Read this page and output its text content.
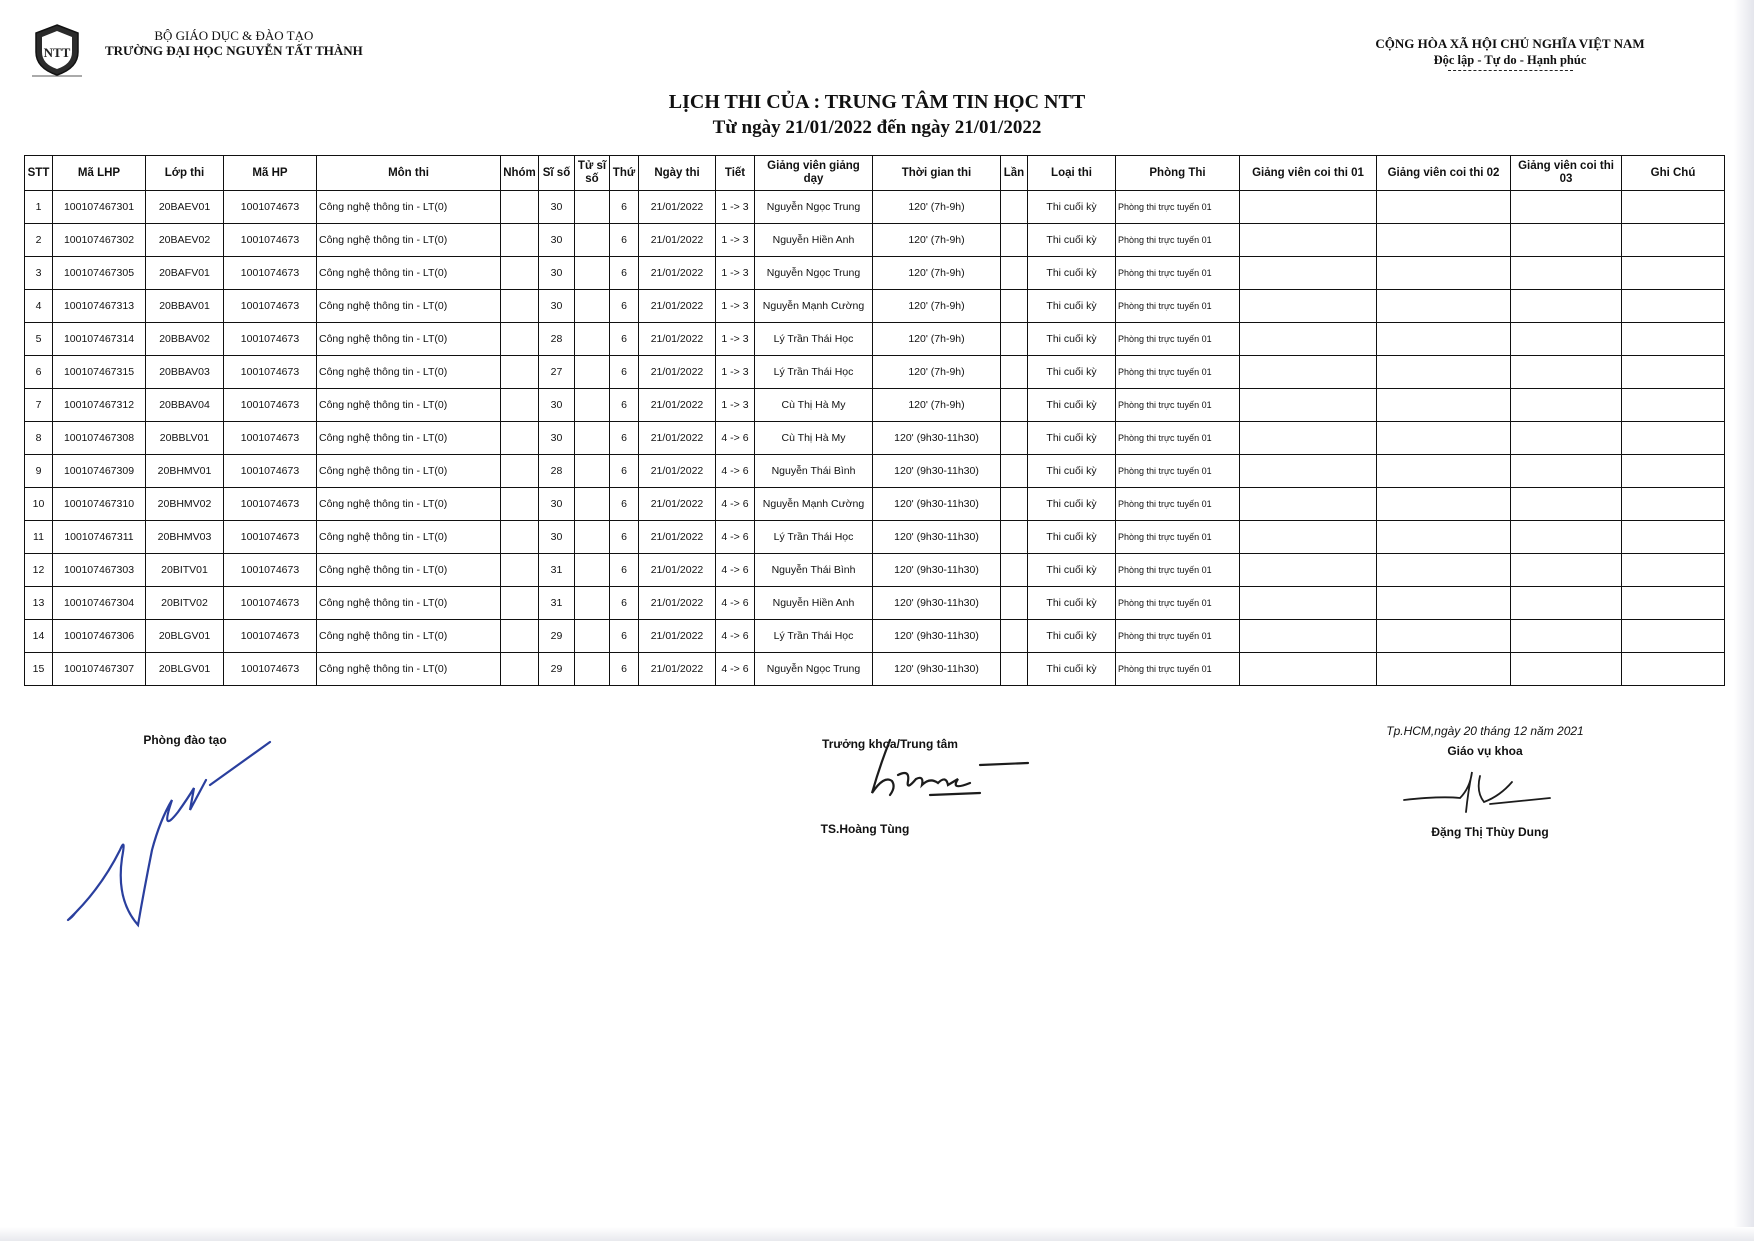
NTT
BỘ GIÁO DỤC & ĐÀO TẠO
TRƯỜNG ĐẠI HỌC NGUYỄN TẤT THÀNH	CỘNG HÒA XÃ HỘI CHỦ NGHĨA VIỆT NAM
Độc lập - Tự do - Hạnh phúc
LỊCH THI CỦA : TRUNG TÂM TIN HỌC NTT
Từ ngày 21/01/2022 đến ngày 21/01/2022
STT	Mã LHP	Lớp thi	Mã HP	Môn thi	Nhóm	Sĩ số	Tử sĩ số	Thứ	Ngày thi	Tiết	Giảng viên giảng dạy	Thời gian thi	Lần	Loại thi	Phòng Thi	Giảng viên coi thi 01	Giảng viên coi thi 02	Giảng viên coi thi 03	Ghi Chú
1	100107467301	20BAEV01	1001074673	Công nghệ thông tin - LT(0)		30		6	21/01/2022	1 -> 3	Nguyễn Ngọc Trung	120' (7h-9h)		Thi cuối kỳ	Phòng thi trực tuyến 01				
2	100107467302	20BAEV02	1001074673	Công nghệ thông tin - LT(0)		30		6	21/01/2022	1 -> 3	Nguyễn Hiền Anh	120' (7h-9h)		Thi cuối kỳ	Phòng thi trực tuyến 01				
3	100107467305	20BAFV01	1001074673	Công nghệ thông tin - LT(0)		30		6	21/01/2022	1 -> 3	Nguyễn Ngọc Trung	120' (7h-9h)		Thi cuối kỳ	Phòng thi trực tuyến 01				
4	100107467313	20BBAV01	1001074673	Công nghệ thông tin - LT(0)		30		6	21/01/2022	1 -> 3	Nguyễn Mạnh Cường	120' (7h-9h)		Thi cuối kỳ	Phòng thi trực tuyến 01				
5	100107467314	20BBAV02	1001074673	Công nghệ thông tin - LT(0)		28		6	21/01/2022	1 -> 3	Lý Trần Thái Học	120' (7h-9h)		Thi cuối kỳ	Phòng thi trực tuyến 01				
6	100107467315	20BBAV03	1001074673	Công nghệ thông tin - LT(0)		27		6	21/01/2022	1 -> 3	Lý Trần Thái Học	120' (7h-9h)		Thi cuối kỳ	Phòng thi trực tuyến 01				
7	100107467312	20BBAV04	1001074673	Công nghệ thông tin - LT(0)		30		6	21/01/2022	1 -> 3	Cù Thị Hà My	120' (7h-9h)		Thi cuối kỳ	Phòng thi trực tuyến 01				
8	100107467308	20BBLV01	1001074673	Công nghệ thông tin - LT(0)		30		6	21/01/2022	4 -> 6	Cù Thị Hà My	120' (9h30-11h30)		Thi cuối kỳ	Phòng thi trực tuyến 01				
9	100107467309	20BHMV01	1001074673	Công nghệ thông tin - LT(0)		28		6	21/01/2022	4 -> 6	Nguyễn Thái Bình	120' (9h30-11h30)		Thi cuối kỳ	Phòng thi trực tuyến 01				
10	100107467310	20BHMV02	1001074673	Công nghệ thông tin - LT(0)		30		6	21/01/2022	4 -> 6	Nguyễn Mạnh Cường	120' (9h30-11h30)		Thi cuối kỳ	Phòng thi trực tuyến 01				
11	100107467311	20BHMV03	1001074673	Công nghệ thông tin - LT(0)		30		6	21/01/2022	4 -> 6	Lý Trần Thái Học	120' (9h30-11h30)		Thi cuối kỳ	Phòng thi trực tuyến 01				
12	100107467303	20BITV01	1001074673	Công nghệ thông tin - LT(0)		31		6	21/01/2022	4 -> 6	Nguyễn Thái Bình	120' (9h30-11h30)		Thi cuối kỳ	Phòng thi trực tuyến 01				
13	100107467304	20BITV02	1001074673	Công nghệ thông tin - LT(0)		31		6	21/01/2022	4 -> 6	Nguyễn Hiền Anh	120' (9h30-11h30)		Thi cuối kỳ	Phòng thi trực tuyến 01				
14	100107467306	20BLGV01	1001074673	Công nghệ thông tin - LT(0)		29		6	21/01/2022	4 -> 6	Lý Trần Thái Học	120' (9h30-11h30)		Thi cuối kỳ	Phòng thi trực tuyến 01				
15	100107467307	20BLGV01	1001074673	Công nghệ thông tin - LT(0)		29		6	21/01/2022	4 -> 6	Nguyễn Ngọc Trung	120' (9h30-11h30)		Thi cuối kỳ	Phòng thi trực tuyến 01				
Phòng đào tạo	Trưởng khoa/Trung tâm
TS.Hoàng Tùng
Tp.HCM,ngày 20 tháng 12 năm 2021
Giáo vụ khoa
Đặng Thị Thùy Dung
